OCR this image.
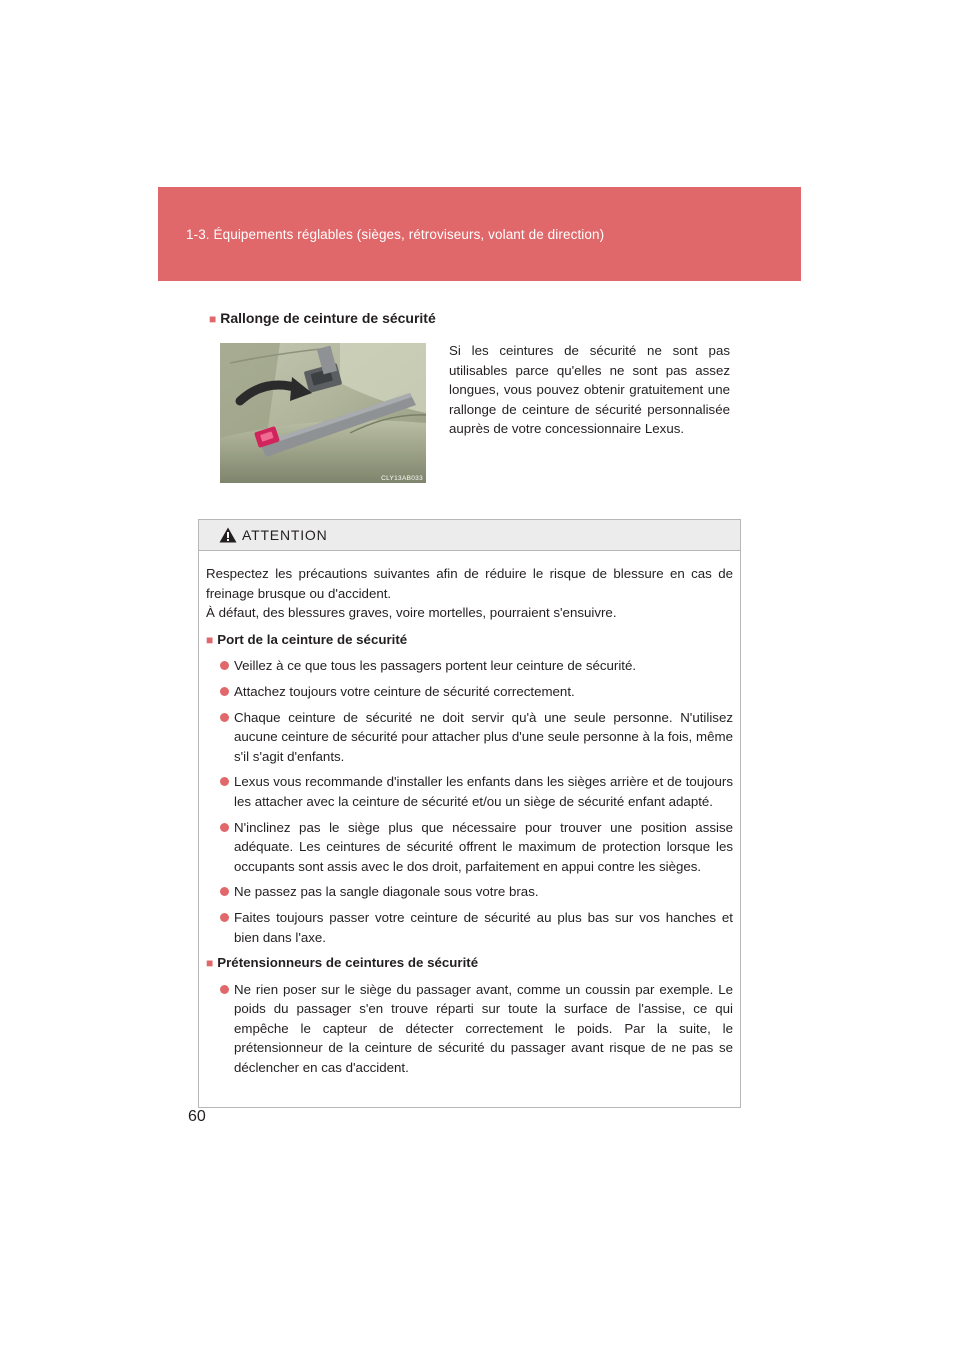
1-3. Équipements réglables (sièges, rétroviseurs, volant de direction)
■ Rallonge de ceinture de sécurité
CLY13AB033
Si les ceintures de sécurité ne sont pas utilisables parce qu'elles ne sont pas assez longues, vous pouvez obtenir gratuitement une rallonge de ceinture de sécurité personnalisée auprès de votre concessionnaire Lexus.
ATTENTION

Respectez les précautions suivantes afin de réduire le risque de blessure en cas de freinage brusque ou d'accident.
À défaut, des blessures graves, voire mortelles, pourraient s'ensuivre.

■ Port de la ceinture de sécurité
Veillez à ce que tous les passagers portent leur ceinture de sécurité.
Attachez toujours votre ceinture de sécurité correctement.
Chaque ceinture de sécurité ne doit servir qu'à une seule personne. N'utilisez aucune ceinture de sécurité pour attacher plus d'une seule personne à la fois, même s'il s'agit d'enfants.
Lexus vous recommande d'installer les enfants dans les sièges arrière et de toujours les attacher avec la ceinture de sécurité et/ou un siège de sécurité enfant adapté.
N'inclinez pas le siège plus que nécessaire pour trouver une position assise adéquate. Les ceintures de sécurité offrent le maximum de protection lorsque les occupants sont assis avec le dos droit, parfaitement en appui contre les sièges.
Ne passez pas la sangle diagonale sous votre bras.
Faites toujours passer votre ceinture de sécurité au plus bas sur vos hanches et bien dans l'axe.
■ Prétensionneurs de ceintures de sécurité
Ne rien poser sur le siège du passager avant, comme un coussin par exemple. Le poids du passager s'en trouve réparti sur toute la surface de l'assise, ce qui empêche le capteur de détecter correctement le poids. Par la suite, le prétensionneur de la ceinture de sécurité du passager avant risque de ne pas se déclencher en cas d'accident.
60
